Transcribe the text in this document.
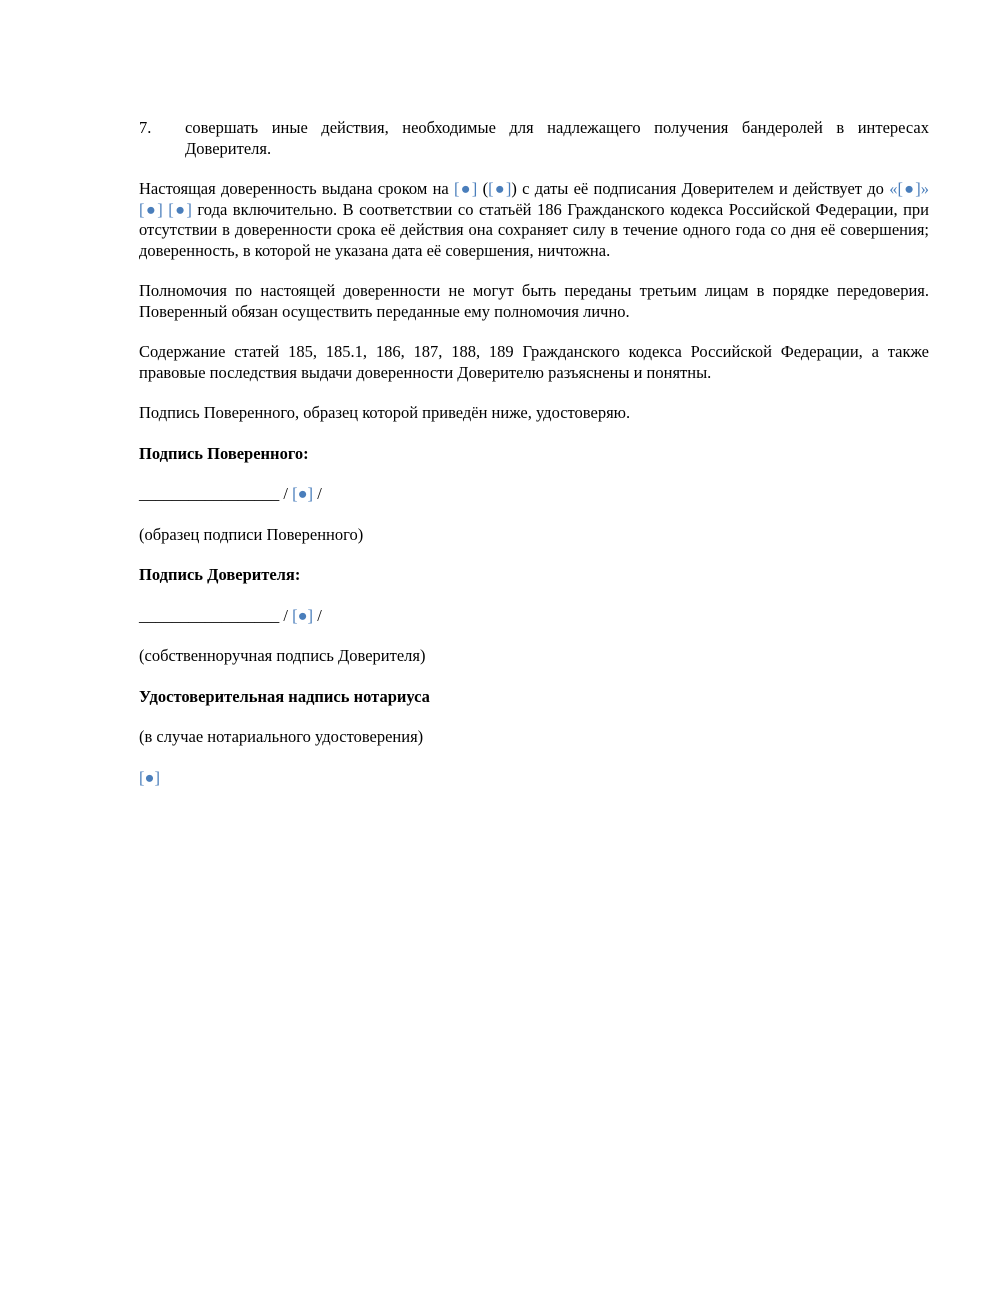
7. совершать иные действия, необходимые для надлежащего получения бандеролей в интересах Доверителя.
Настоящая доверенность выдана сроком на [●] ([●]) с даты её подписания Доверителем и действует до «[●]» [●] [●] года включительно. В соответствии со статьёй 186 Гражданского кодекса Российской Федерации, при отсутствии в доверенности срока её действия она сохраняет силу в течение одного года со дня её совершения; доверенность, в которой не указана дата её совершения, ничтожна.
Полномочия по настоящей доверенности не могут быть переданы третьим лицам в порядке передоверия. Поверенный обязан осуществить переданные ему полномочия лично.
Содержание статей 185, 185.1, 186, 187, 188, 189 Гражданского кодекса Российской Федерации, а также правовые последствия выдачи доверенности Доверителю разъяснены и понятны.
Подпись Поверенного, образец которой приведён ниже, удостоверяю.
Подпись Поверенного:
_________________ / [●] /
(образец подписи Поверенного)
Подпись Доверителя:
_________________ / [●] /
(собственноручная подпись Доверителя)
Удостоверительная надпись нотариуса
(в случае нотариального удостоверения)
[●]
